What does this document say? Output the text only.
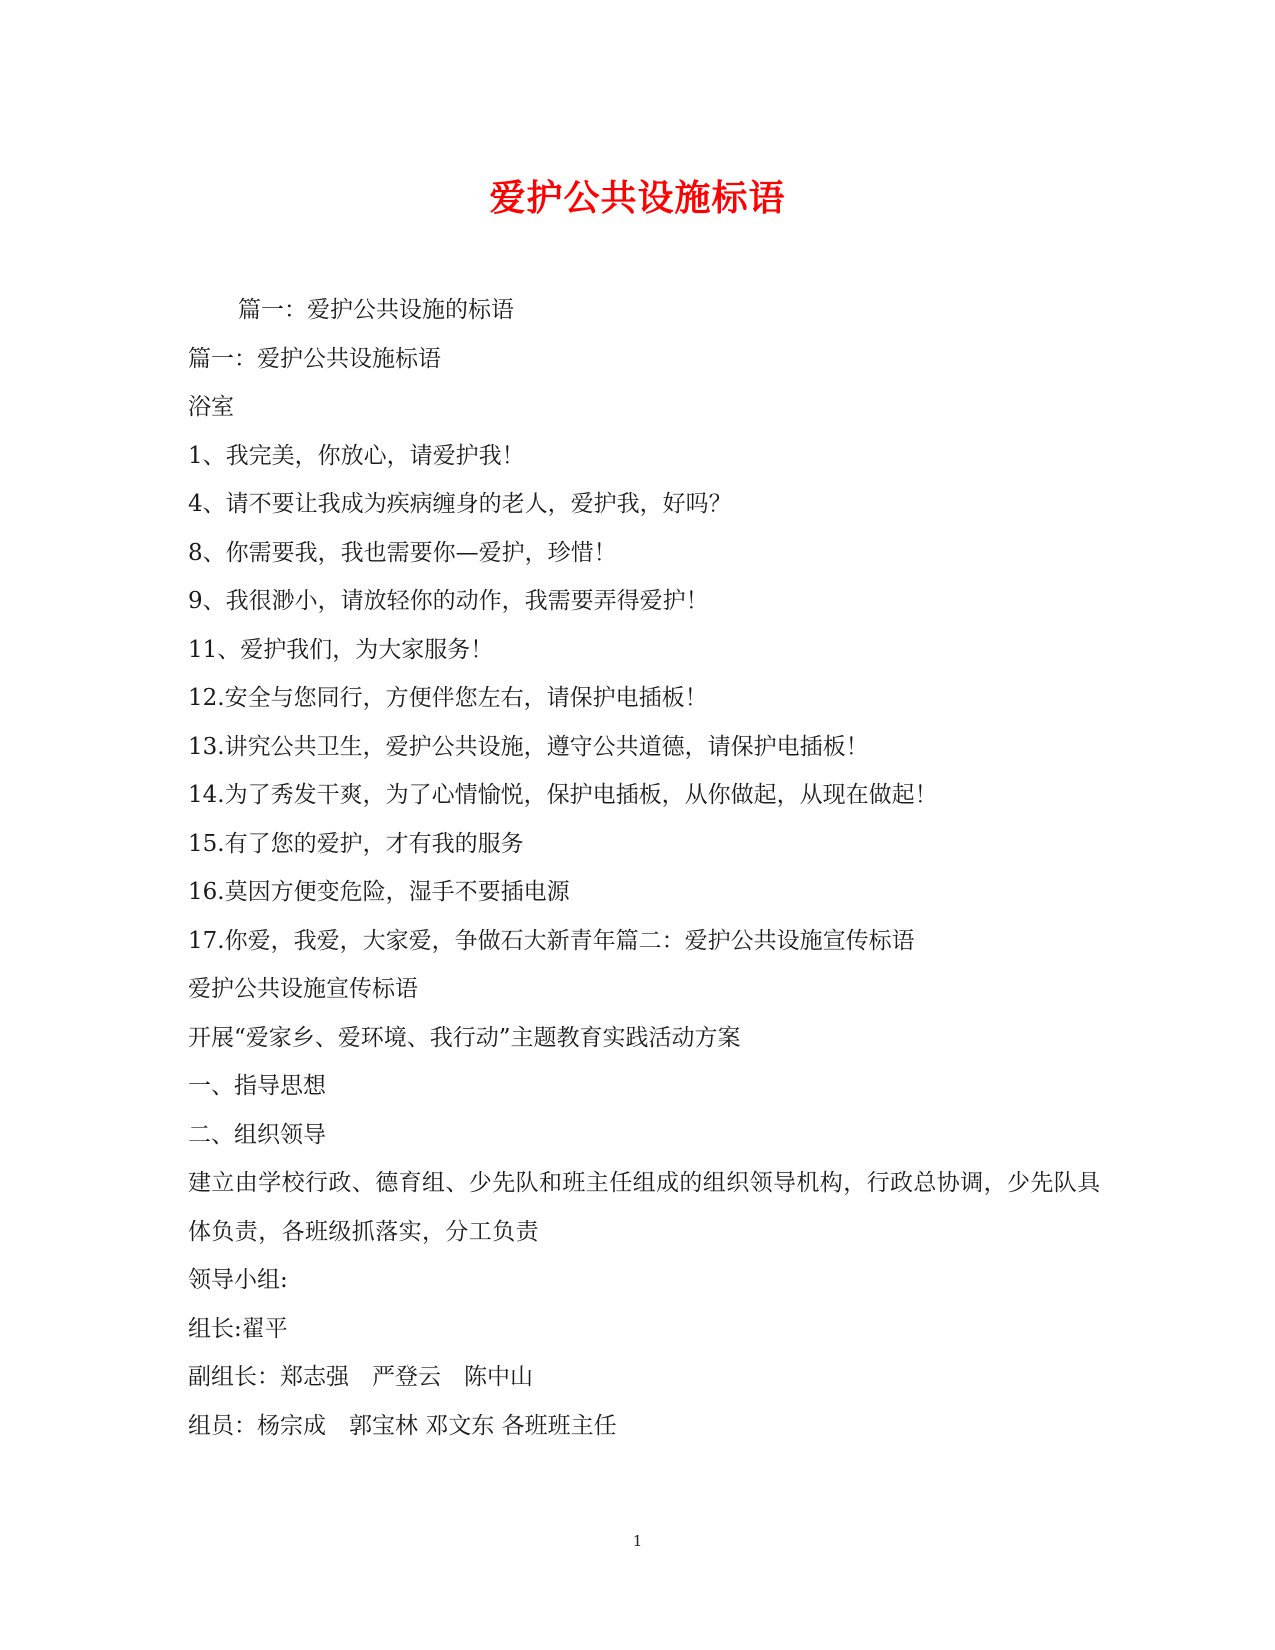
爱护公共设施标语

篇一：爱护公共设施的标语

篇一：爱护公共设施标语

浴室

1、我完美，你放心，请爱护我！

4、请不要让我成为疾病缠身的老人，爱护我，好吗？

8、你需要我，我也需要你—爱护，珍惜！

9、我很渺小，请放轻你的动作，我需要弄得爱护！

11、爱护我们，为大家服务！

12.安全与您同行，方便伴您左右，请保护电插板！

13.讲究公共卫生，爱护公共设施，遵守公共道德，请保护电插板！

14.为了秀发干爽，为了心情愉悦，保护电插板，从你做起，从现在做起！

15.有了您的爱护，才有我的服务

16.莫因方便变危险，湿手不要插电源

17.你爱，我爱，大家爱，争做石大新青年篇二：爱护公共设施宣传标语

爱护公共设施宣传标语

开展“爱家乡、爱环境、我行动”主题教育实践活动方案

一、指导思想

二、组织领导

建立由学校行政、德育组、少先队和班主任组成的组织领导机构，行政总协调，少先队具体负责，各班级抓落实，分工负责

领导小组:

组长:翟平

副组长：郑志强　严登云　陈中山

组员：杨宗成　郭宝林 邓文东 各班班主任

1
